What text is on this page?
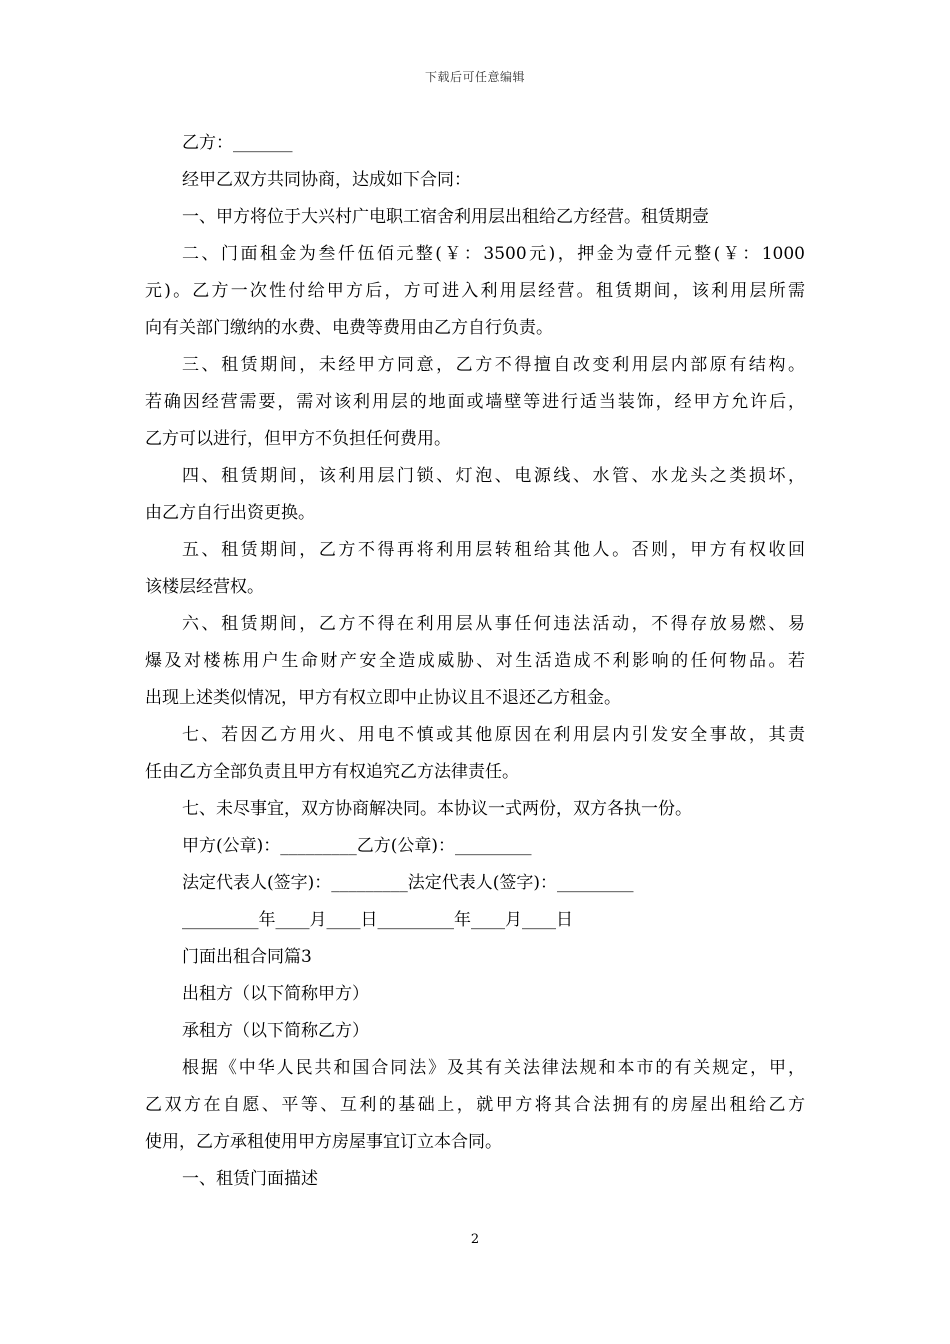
下载后可任意编辑
乙方：_______
经甲乙双方共同协商，达成如下合同：
一、甲方将位于大兴村广电职工宿舍利用层出租给乙方经营。租赁期壹
二、门面租金为叁仟伍佰元整(￥：3500元)，押金为壹仟元整(￥：1000
元)。乙方一次性付给甲方后，方可进入利用层经营。租赁期间，该利用层所需
向有关部门缴纳的水费、电费等费用由乙方自行负责。
三、租赁期间，未经甲方同意，乙方不得擅自改变利用层内部原有结构。
若确因经营需要，需对该利用层的地面或墙壁等进行适当装饰，经甲方允许后，
乙方可以进行，但甲方不负担任何费用。
四、租赁期间，该利用层门锁、灯泡、电源线、水管、水龙头之类损坏，
由乙方自行出资更换。
五、租赁期间，乙方不得再将利用层转租给其他人。否则，甲方有权收回
该楼层经营权。
六、租赁期间，乙方不得在利用层从事任何违法活动，不得存放易燃、易
爆及对楼栋用户生命财产安全造成威胁、对生活造成不利影响的任何物品。若
出现上述类似情况，甲方有权立即中止协议且不退还乙方租金。
七、若因乙方用火、用电不慎或其他原因在利用层内引发安全事故，其责
任由乙方全部负责且甲方有权追究乙方法律责任。
七、未尽事宜，双方协商解决同。本协议一式两份，双方各执一份。
甲方(公章)：_________乙方(公章)：_________
法定代表人(签字)：_________法定代表人(签字)：_________
_________年____月____日_________年____月____日
门面出租合同篇3
出租方（以下简称甲方）
承租方（以下简称乙方）
根据《中华人民共和国合同法》及其有关法律法规和本市的有关规定，甲，
乙双方在自愿、平等、互利的基础上，就甲方将其合法拥有的房屋出租给乙方
使用，乙方承租使用甲方房屋事宜订立本合同。
一、租赁门面描述
2
